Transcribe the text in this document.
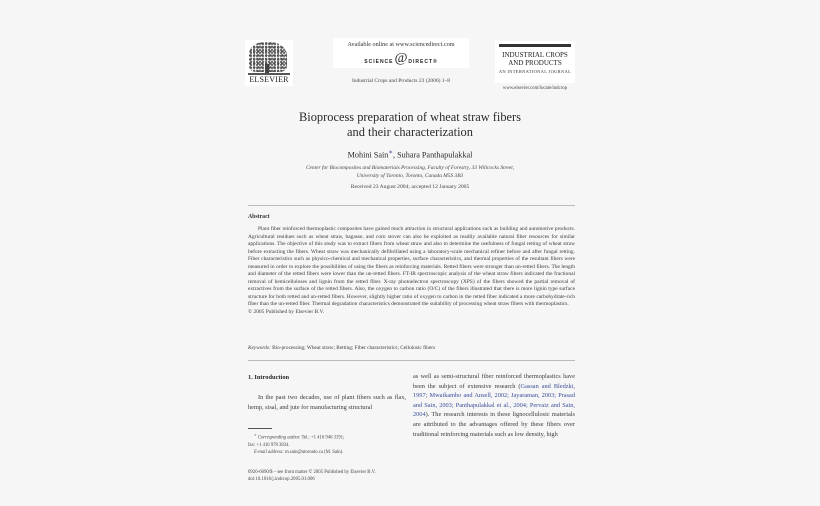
ELSEVIER
Available online at www.sciencedirect.com
SCIENCE@DIRECT®
Industrial Crops and Products 23 (2006) 1–8
INDUSTRIAL CROPS
AND PRODUCTS
AN INTERNATIONAL JOURNAL
www.elsevier.com/locate/indcrop
Bioprocess preparation of wheat straw fibers
and their characterization
Mohini Sain∗, Suhara Panthapulakkal
Center for Biocomposites and Biomaterials Processing, Faculty of Forestry, 33 Willcocks Street,
University of Toronto, Toronto, Canada M5S 3B3
Received 23 August 2004; accepted 12 January 2005
Abstract

Plant fiber reinforced thermoplastic composites have gained much attraction in structural applications such as building and automotive products. Agricultural residues such as wheat straw, bagasse, and corn stover can also be exploited as readily available natural fiber resources for similar applications. The objective of this study was to extract fibers from wheat straw and also to determine the usefulness of fungal retting of wheat straw before extracting the fibers. Wheat straw was mechanically defibrillated using a laboratory-scale mechanical refiner before and after fungal retting. Fiber characteristics such as physico-chemical and mechanical properties, surface characteristics, and thermal properties of the resultant fibers were measured in order to explore the possibilities of using the fibers as reinforcing materials. Retted fibers were stronger than un-retted fibers. The length and diameter of the retted fibers were lower than the un-retted fibers. FT-IR spectroscopic analysis of the wheat straw fibers indicated the fractional removal of hemicelluloses and lignin from the retted fiber. X-ray photoelectron spectroscopy (XPS) of the fibers showed the partial removal of extractives from the surface of the retted fibers. Also, the oxygen to carbon ratio (O/C) of the fibers illustrated that there is more lignin type surface structure for both retted and un-retted fibers. However, slightly higher ratio of oxygen to carbon in the retted fiber indicated a more carbohydrate-rich fiber than the un-retted fiber. Thermal degradation characteristics demonstrated the suitability of processing wheat straw fibers with thermoplastics.

© 2005 Published by Elsevier B.V.

Keywords: Bio-processing; Wheat straw; Retting; Fiber characteristics; Cellulosic fibers
1. Introduction
In the past two decades, use of plant fibers such as flax, hemp, sisal, and jute for manufacturing structural
∗ Corresponding author. Tel.: +1 416 946 3191;
fax: +1 416 978 3834.
E-mail address: m.sain@utoronto.ca (M. Sain).
0926-6690/$ – see front matter © 2005 Published by Elsevier B.V.
doi:10.1016/j.indcrop.2005.01.006
as well as semi-structural fiber reinforced thermoplastics have been the subject of extensive research (Gassan and Bledzki, 1997; Mwaikambo and Ansell, 2002; Jayaraman, 2003; Prasad and Sain, 2003; Panthapulakkal et al., 2004; Pervaiz and Sain, 2004). The research interests in these lignocellulosic materials are attributed to the advantages offered by these fibers over traditional reinforcing materials such as low density, high
